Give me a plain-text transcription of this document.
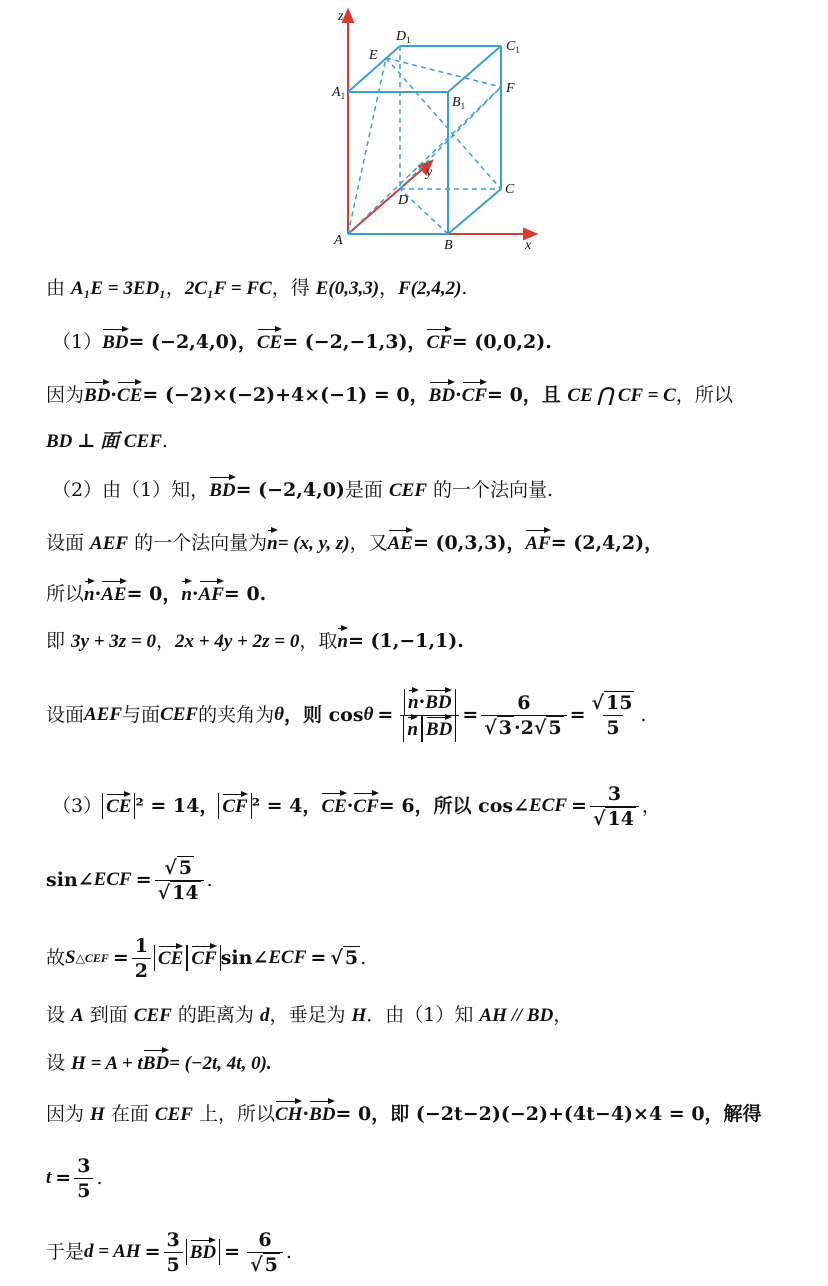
z
x
y
A	B
C
D
$A_1$	$B_1$
$C_1$
$D_1$
E
F
由 A₁E = 3ED₁，2C₁F = FC，得 E(0,3,3)，F(2,4,2).
（1）BD= (−2,4,0)，CE= (−2,−1,3)，CF= (0,0,2).
因为BD·CE= (−2)×(−2)+4×(−1) = 0，BD·CF= 0，且 CE ⋂ CF = C，所以
BD ⊥ 面 CEF.
（2）由（1）知，BD= (−2,4,0)是面 CEF 的一个法向量.
设面 AEF 的一个法向量为n= (x, y, z)，又AE= (0,3,3)，AF= (2,4,2)，
所以n·AE= 0，n·AF= 0.
即 3y + 3z = 0，2x + 4y + 2z = 0，取n= (1,−1,1).
设面 AEF 与面 CEF 的夹角为 θ ，则 $\cos \theta = \frac{n\cdot BD}{\text{n BD}} = \frac{6}{√ 3 \cdot 2√ 5} = \frac{√ 15}{5}$ .
（3） CE ² = 14， CF ² = 4， CE · CF = 6，所以 cos∠ ECF = $\frac{3}{√ 14}$ ，
sin∠ ECF = $\frac{√ 5}{√ 14}$ .
故 S △CEF = $\frac{1}{2}$ CE CF sin∠ ECF = √ 5 .
设 A 到面 CEF 的距离为 d，垂足为 H．由（1）知 AH // BD，
设 H = A + tBD= (−2t, 4t, 0).
因为 H 在面 CEF 上，所以CH·BD= 0，即 (−2t−2)(−2)+(4t−4)×4 = 0，解得
$t = \frac{3}{5}$ .
于是 d = AH = $\frac{3}{5}$ BD = $\frac{6}{√ 5}$ .
